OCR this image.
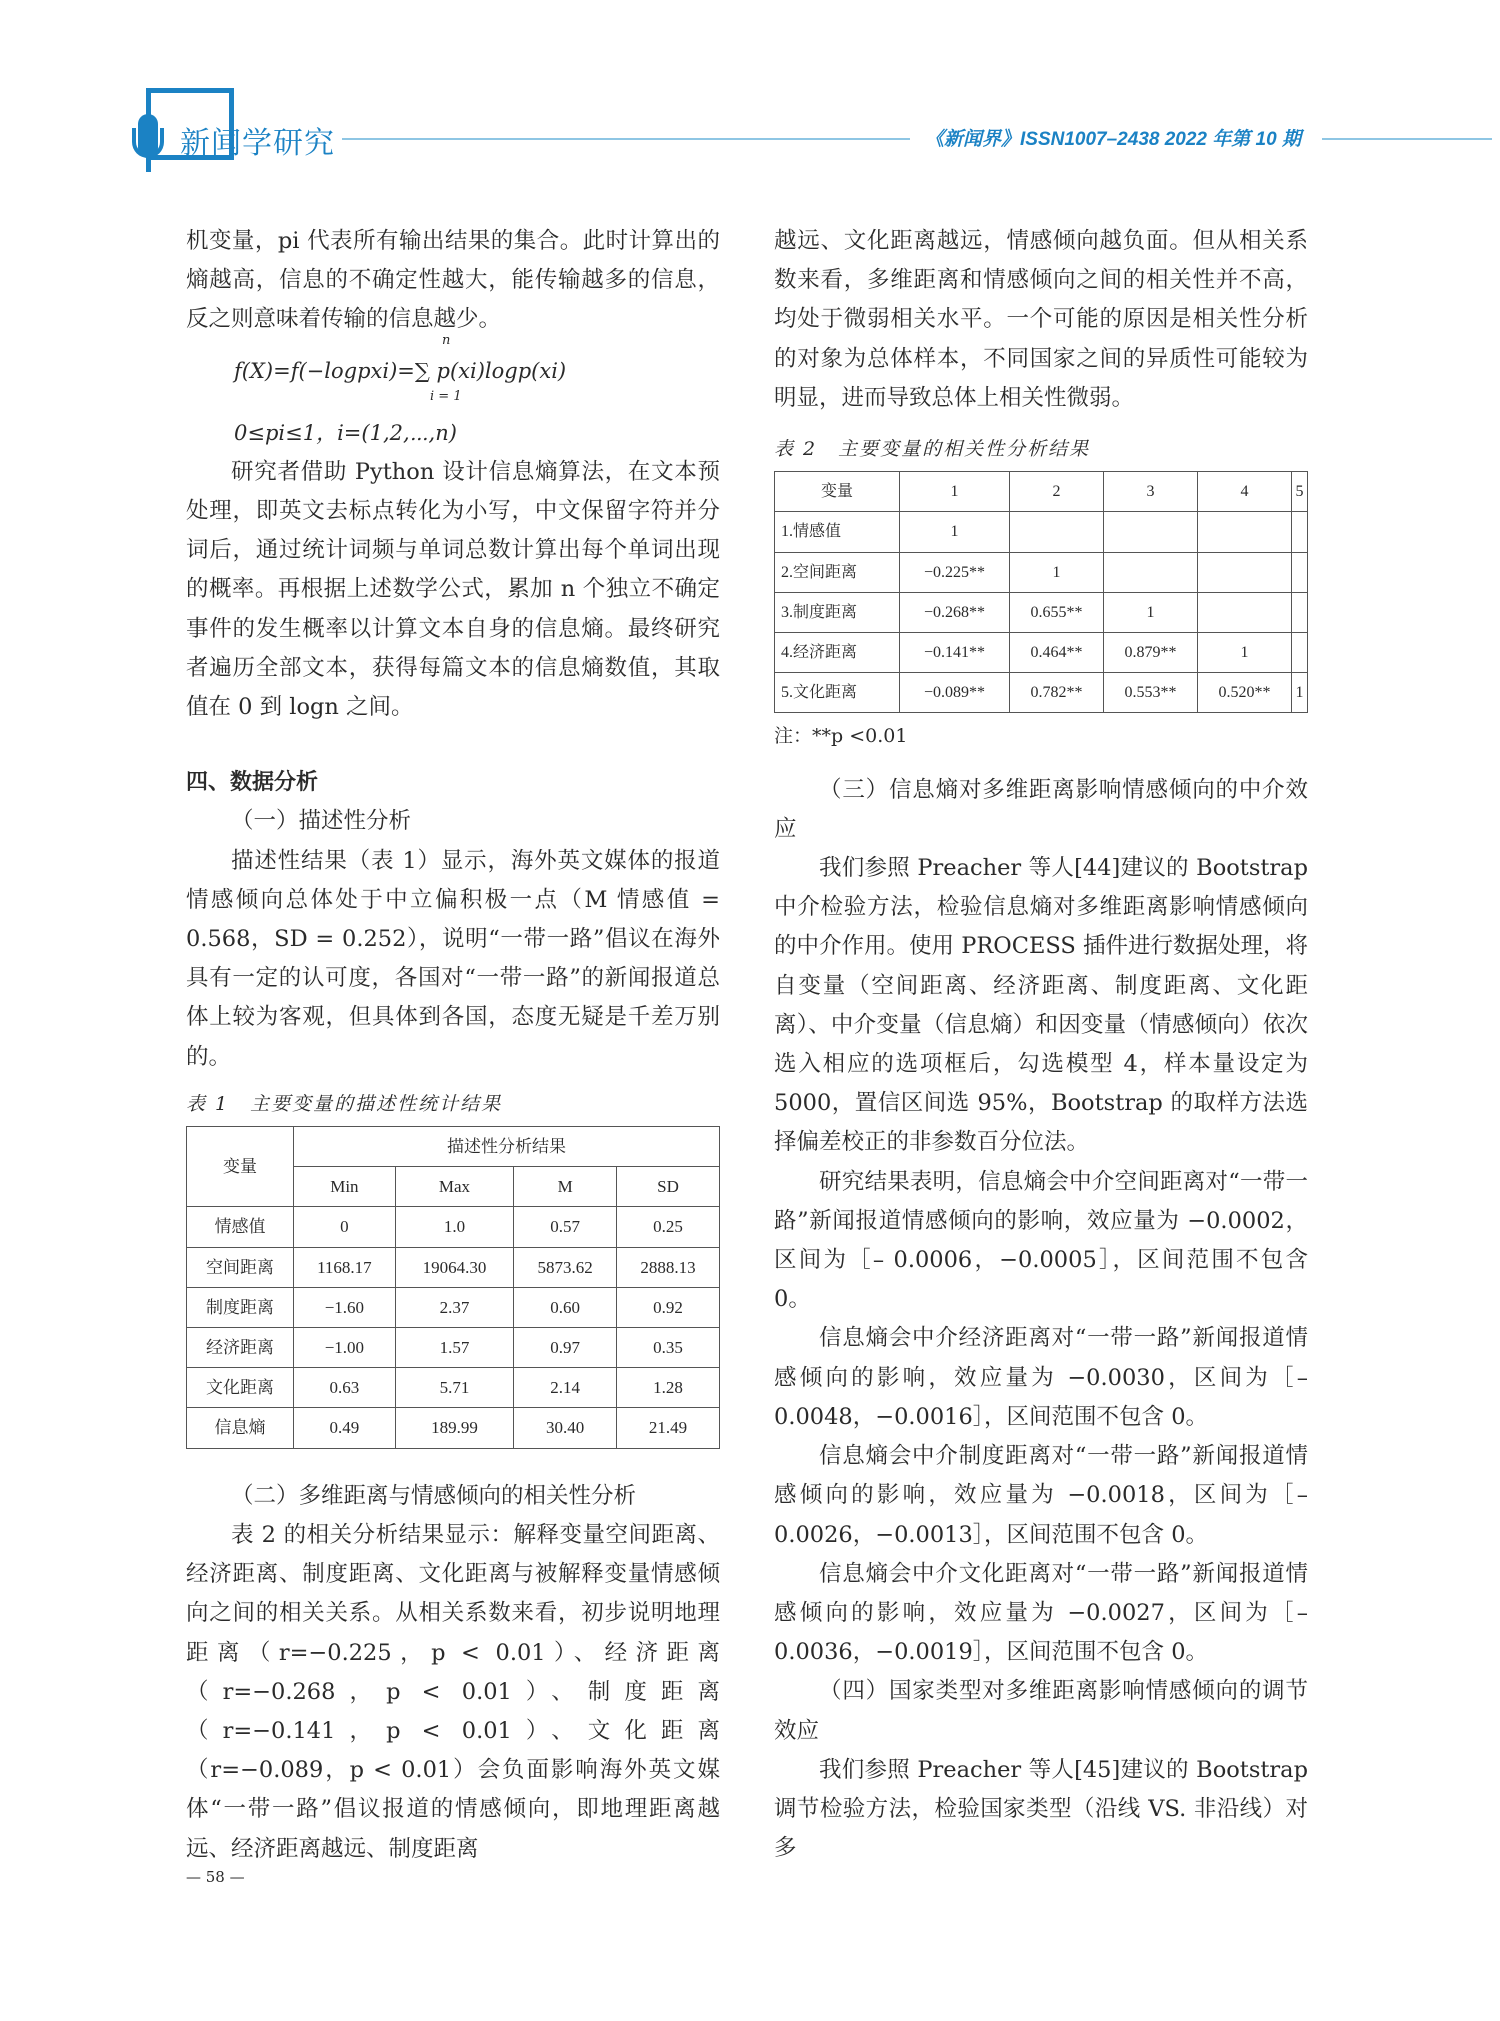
新闻学研究	《新闻界》ISSN1007–2438 2022 年第 10 期

机变量，pi 代表所有输出结果的集合。此时计算出的熵越高，信息的不确定性越大，能传输越多的信息，反之则意味着传输的信息越少。

n
f(X)=f(−logpxi)=∑ p(xi)logp(xi)
i = 1

0≤pi≤1，i=(1,2,⋯,n)

研究者借助 Python 设计信息熵算法，在文本预处理，即英文去标点转化为小写，中文保留字符并分词后，通过统计词频与单词总数计算出每个单词出现的概率。再根据上述数学公式，累加 n 个独立不确定事件的发生概率以计算文本自身的信息熵。最终研究者遍历全部文本，获得每篇文本的信息熵数值，其取值在 0 到 logn 之间。

四、数据分析

（一）描述性分析

描述性结果（表 1）显示，海外英文媒体的报道情感倾向总体处于中立偏积极一点（M 情感值 = 0.568，SD = 0.252），说明“一带一路”倡议在海外具有一定的认可度，各国对“一带一路”的新闻报道总体上较为客观，但具体到各国，态度无疑是千差万别的。

表 1　主要变量的描述性统计结果

变量	描述性分析结果			
	Min	Max	M	SD
情感值	0	1.0	0.57	0.25
空间距离	1168.17	19064.30	5873.62	2888.13
制度距离	−1.60	2.37	0.60	0.92
经济距离	−1.00	1.57	0.97	0.35
文化距离	0.63	5.71	2.14	1.28
信息熵	0.49	189.99	30.40	21.49

（二）多维距离与情感倾向的相关性分析

表 2 的相关分析结果显示：解释变量空间距离、经济距离、制度距离、文化距离与被解释变量情感倾向之间的相关关系。从相关系数来看，初步说明地理距离（r=−0.225，p < 0.01）、经济距离（r=−0.268，p < 0.01）、制度距离（r=−0.141，p < 0.01）、文化距离（r=−0.089，p < 0.01）会负面影响海外英文媒体“一带一路”倡议报道的情感倾向，即地理距离越远、经济距离越远、制度距离

越远、文化距离越远，情感倾向越负面。但从相关系数来看，多维距离和情感倾向之间的相关性并不高，均处于微弱相关水平。一个可能的原因是相关性分析的对象为总体样本，不同国家之间的异质性可能较为明显，进而导致总体上相关性微弱。

表 2　主要变量的相关性分析结果

变量	1	2	3	4	5
1.情感值	1				
2.空间距离	−0.225**	1			
3.制度距离	−0.268**	0.655**	1		
4.经济距离	−0.141**	0.464**	0.879**	1	
5.文化距离	−0.089**	0.782**	0.553**	0.520**	1

注：**p <0.01

（三）信息熵对多维距离影响情感倾向的中介效应

我们参照 Preacher 等人[44]建议的 Bootstrap 中介检验方法，检验信息熵对多维距离影响情感倾向的中介作用。使用 PROCESS 插件进行数据处理，将自变量（空间距离、经济距离、制度距离、文化距离）、中介变量（信息熵）和因变量（情感倾向）依次选入相应的选项框后，勾选模型 4，样本量设定为 5000，置信区间选 95%，Bootstrap 的取样方法选择偏差校正的非参数百分位法。

研究结果表明，信息熵会中介空间距离对“一带一路”新闻报道情感倾向的影响，效应量为 −0.0002，区间为［– 0.0006，−0.0005］，区间范围不包含 0。

信息熵会中介经济距离对“一带一路”新闻报道情感倾向的影响，效应量为 −0.0030，区间为［– 0.0048，−0.0016］，区间范围不包含 0。

信息熵会中介制度距离对“一带一路”新闻报道情感倾向的影响，效应量为 −0.0018，区间为［– 0.0026，−0.0013］，区间范围不包含 0。

信息熵会中介文化距离对“一带一路”新闻报道情感倾向的影响，效应量为 −0.0027，区间为［– 0.0036，−0.0019］，区间范围不包含 0。

（四）国家类型对多维距离影响情感倾向的调节效应

我们参照 Preacher 等人[45]建议的 Bootstrap 调节检验方法，检验国家类型（沿线 VS. 非沿线）对多

— 58 —
